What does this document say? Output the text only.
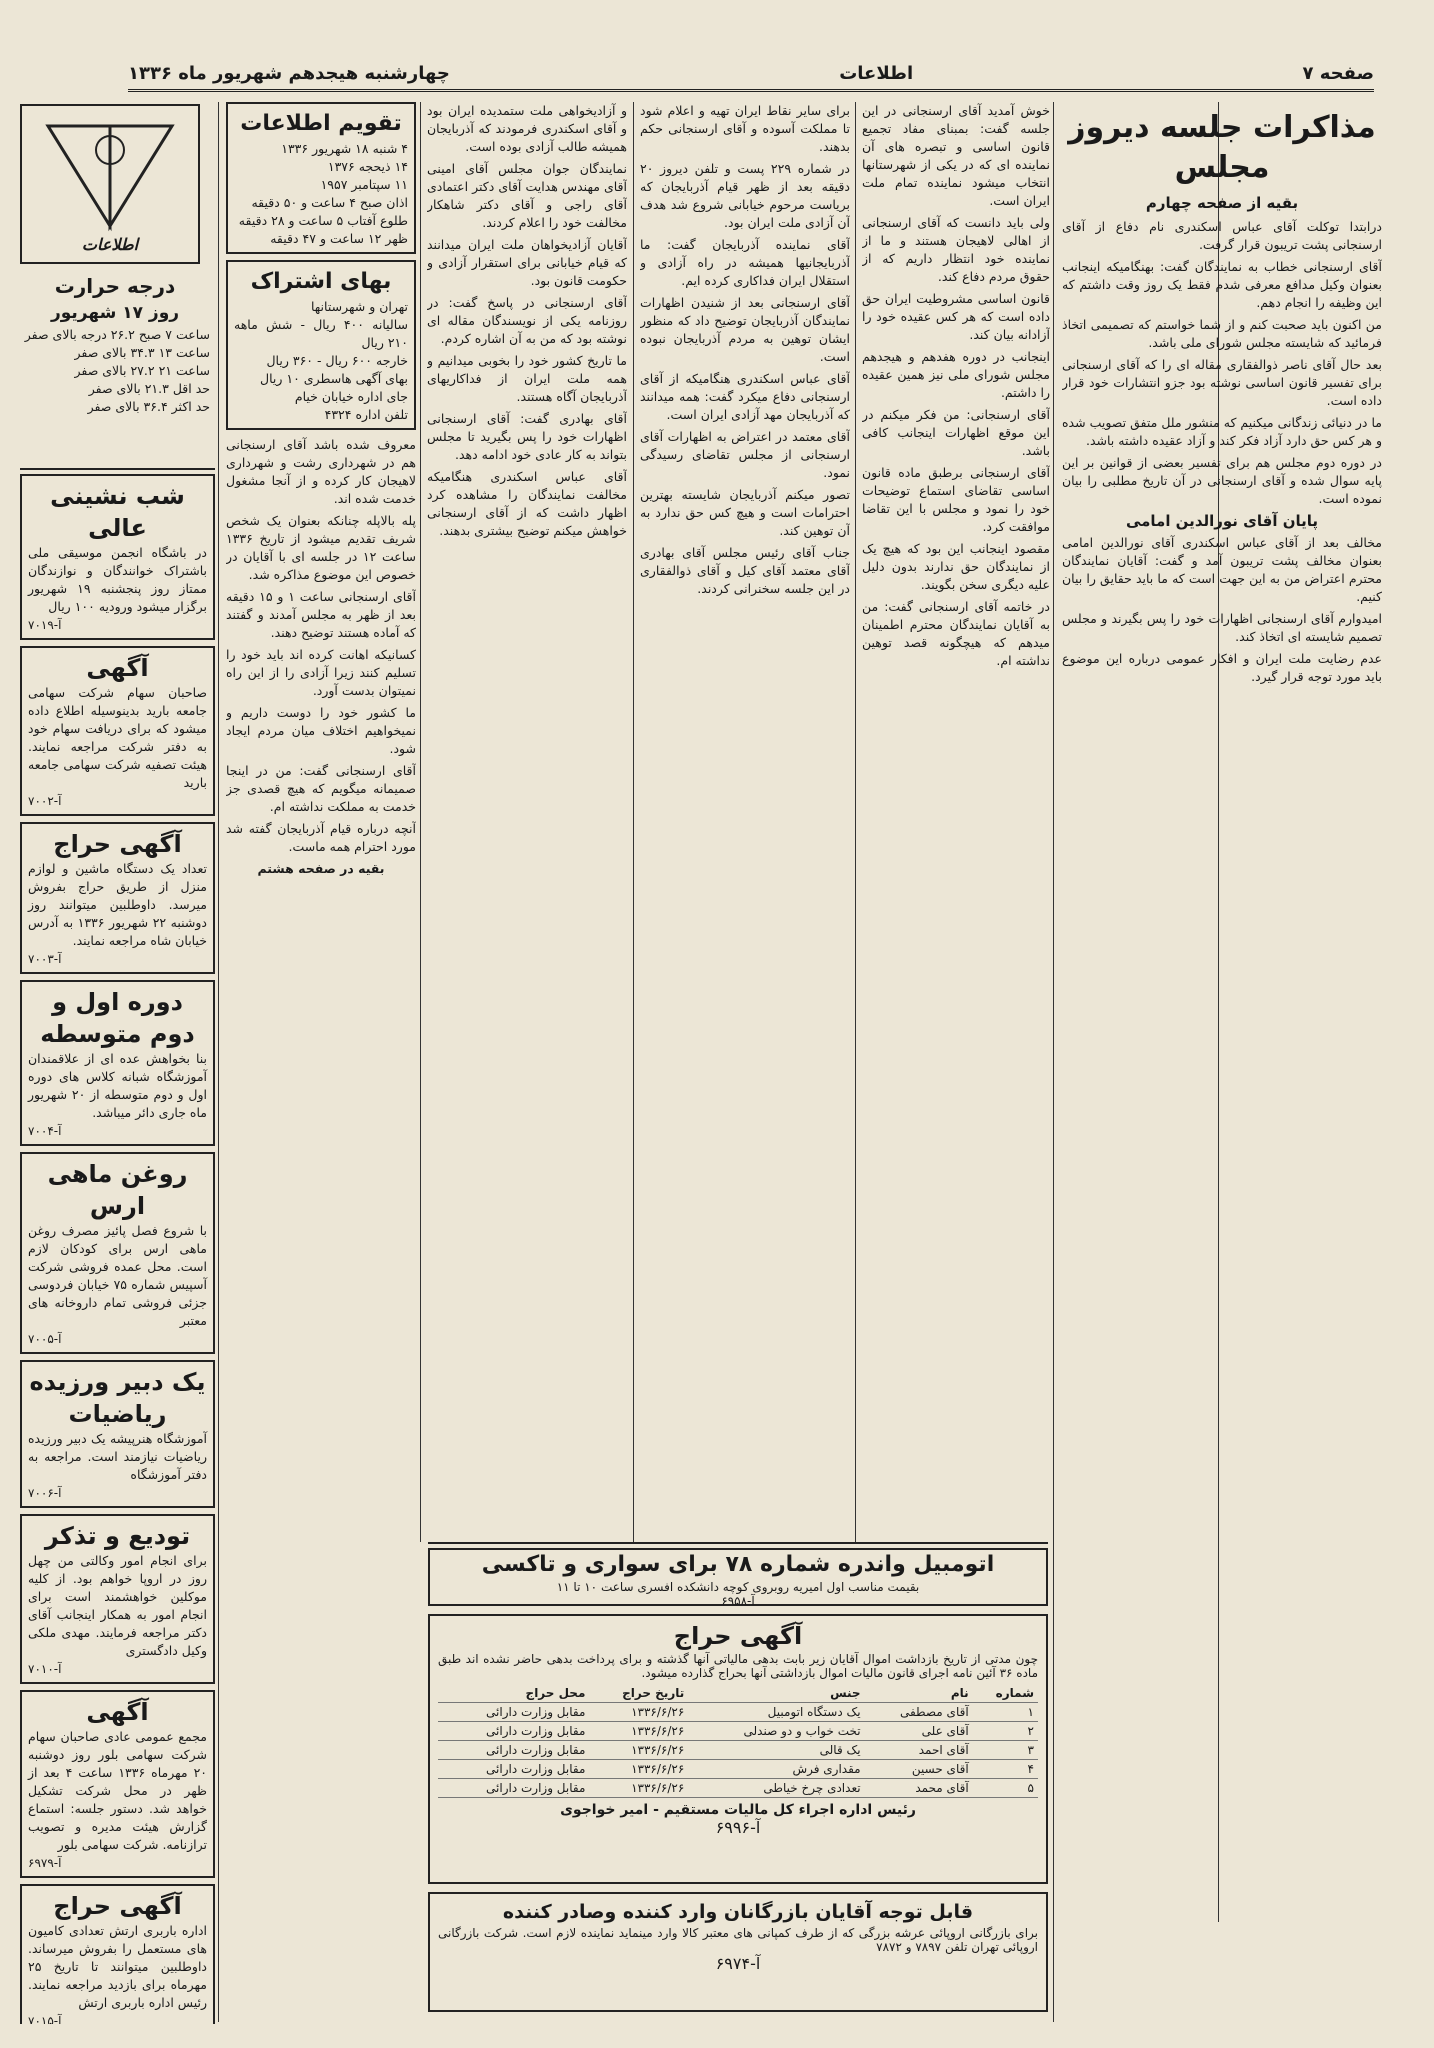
صفحه ۷
اطلاعات
چهارشنبه هیجدهم شهریور ماه ۱۳۳۶
مذاکرات جلسه دیروز مجلس
بقیه از صفحه چهارم

درابتدا توکلت آقای عباس اسکندری نام دفاع از آقای ارسنجانی پشت تریبون قرار گرفت.

آقای ارسنجانی خطاب به نمایندگان گفت: بهنگامیکه اینجانب بعنوان وکیل مدافع معرفی شدم فقط یک روز وقت داشتم که این وظیفه را انجام دهم.

من اکنون باید صحبت کنم و از شما خواستم که تصمیمی اتخاذ فرمائید که شایسته مجلس شورای ملی باشد.

بعد حال آقای ناصر ذوالفقاری مقاله ای را که آقای ارسنجانی برای تفسیر قانون اساسی نوشته بود جزو انتشارات خود قرار داده است.

ما در دنیائی زندگانی میکنیم که منشور ملل متفق تصویب شده و هر کس حق دارد آزاد فکر کند و آزاد عقیده داشته باشد.

در دوره دوم مجلس هم برای تفسیر بعضی از قوانین بر این پایه سوال شده و آقای ارسنجانی در آن تاریخ مطلبی را بیان نموده است.

پایان آقای نورالدین امامی

مخالف بعد از آقای عباس اسکندری آقای نورالدین امامی بعنوان مخالف پشت تریبون آمد و گفت: آقایان نمایندگان محترم اعتراض من به این جهت است که ما باید حقایق را بیان کنیم.

امیدوارم آقای ارسنجانی اظهارات خود را پس بگیرند و مجلس تصمیم شایسته ای اتخاذ کند.

عدم رضایت ملت ایران و افکار عمومی درباره این موضوع باید مورد توجه قرار گیرد.

خوش آمدید آقای ارسنجانی در این جلسه گفت: بمبنای مفاد تجمیع قانون اساسی و تبصره های آن نماینده ای که در یکی از شهرستانها انتخاب میشود نماینده تمام ملت ایران است.

ولی باید دانست که آقای ارسنجانی از اهالی لاهیجان هستند و ما از نماینده خود انتظار داریم که از حقوق مردم دفاع کند.

قانون اساسی مشروطیت ایران حق داده است که هر کس عقیده خود را آزادانه بیان کند.

اینجانب در دوره هفدهم و هیجدهم مجلس شورای ملی نیز همین عقیده را داشتم.

آقای ارسنجانی: من فکر میکنم در این موقع اظهارات اینجانب کافی باشد.

آقای ارسنجانی برطبق ماده قانون اساسی تقاضای استماع توضیحات خود را نمود و مجلس با این تقاضا موافقت کرد.

مقصود اینجانب این بود که هیچ یک از نمایندگان حق ندارند بدون دلیل علیه دیگری سخن بگویند.

در خاتمه آقای ارسنجانی گفت: من به آقایان نمایندگان محترم اطمینان میدهم که هیچگونه قصد توهین نداشته ام.

برای سایر نقاط ایران تهیه و اعلام شود تا مملکت آسوده و آقای ارسنجانی حکم بدهند.

در شماره ۲۲۹ پست و تلفن دیروز ۲۰ دقیقه بعد از ظهر قیام آذربایجان که بریاست مرحوم خیابانی شروع شد هدف آن آزادی ملت ایران بود.

آقای نماینده آذربایجان گفت: ما آذربایجانیها همیشه در راه آزادی و استقلال ایران فداکاری کرده ایم.

آقای ارسنجانی بعد از شنیدن اظهارات نمایندگان آذربایجان توضیح داد که منظور ایشان توهین به مردم آذربایجان نبوده است.

آقای عباس اسکندری هنگامیکه از آقای ارسنجانی دفاع میکرد گفت: همه میدانند که آذربایجان مهد آزادی ایران است.

آقای معتمد در اعتراض به اظهارات آقای ارسنجانی از مجلس تقاضای رسیدگی نمود.

تصور میکنم آذربایجان شایسته بهترین احترامات است و هیچ کس حق ندارد به آن توهین کند.

جناب آقای رئیس مجلس آقای بهادری آقای معتمد آقای کیل و آقای ذوالفقاری در این جلسه سخنرانی کردند.

و آزادیخواهی ملت ستمدیده ایران بود و آقای اسکندری فرمودند که آذربایجان همیشه طالب آزادی بوده است.

نمایندگان جوان مجلس آقای امینی آقای مهندس هدایت آقای دکتر اعتمادی آقای راجی و آقای دکتر شاهکار مخالفت خود را اعلام کردند.

آقایان آزادیخواهان ملت ایران میدانند که قیام خیابانی برای استقرار آزادی و حکومت قانون بود.

آقای ارسنجانی در پاسخ گفت: در روزنامه یکی از نویسندگان مقاله ای نوشته بود که من به آن اشاره کردم.

ما تاریخ کشور خود را بخوبی میدانیم و همه ملت ایران از فداکاریهای آذربایجان آگاه هستند.

آقای بهادری گفت: آقای ارسنجانی اظهارات خود را پس بگیرید تا مجلس بتواند به کار عادی خود ادامه دهد.

آقای عباس اسکندری هنگامیکه مخالفت نمایندگان را مشاهده کرد اظهار داشت که از آقای ارسنجانی خواهش میکنم توضیح بیشتری بدهند.

تقویم اطلاعات
۴ شنبه ۱۸ شهریور ۱۳۳۶
۱۴ ذیحجه ۱۳۷۶
۱۱ سپتامبر ۱۹۵۷
اذان صبح ۴ ساعت و ۵۰ دقیقه
طلوع آفتاب ۵ ساعت و ۲۸ دقیقه
ظهر ۱۲ ساعت و ۴۷ دقیقه
بهای اشتراک
تهران و شهرستانها
سالیانه ۴۰۰ ریال - شش ماهه ۲۱۰ ریال
خارجه ۶۰۰ ریال - ۳۶۰ ریال
بهای آگهی هاسطری ۱۰ ریال
جای اداره خیابان خیام
تلفن اداره ۴۳۲۴

معروف شده باشد آقای ارسنجانی هم در شهرداری رشت و شهرداری لاهیجان کار کرده و از آنجا مشغول خدمت شده اند.

پله بالاپله چنانکه بعنوان یک شخص شریف تقدیم میشود از تاریخ ۱۳۳۶ ساعت ۱۲ در جلسه ای با آقایان در خصوص این موضوع مذاکره شد.

آقای ارسنجانی ساعت ۱ و ۱۵ دقیقه بعد از ظهر به مجلس آمدند و گفتند که آماده هستند توضیح دهند.

کسانیکه اهانت کرده اند باید خود را تسلیم کنند زیرا آزادی را از این راه نمیتوان بدست آورد.

ما کشور خود را دوست داریم و نمیخواهیم اختلاف میان مردم ایجاد شود.

آقای ارسنجانی گفت: من در اینجا صمیمانه میگویم که هیچ قصدی جز خدمت به مملکت نداشته ام.

آنچه درباره قیام آذربایجان گفته شد مورد احترام همه ماست.

بقیه در صفحه هشتم

اطلاعات
درجه حرارت
روز ۱۷ شهریور
ساعت ۷ صبح ۲۶.۲ درجه بالای صفر
ساعت ۱۳ ۳۴.۳ بالای صفر
ساعت ۲۱ ۲۷.۲ بالای صفر
حد اقل ۲۱.۳ بالای صفر
حد اکثر ۳۶.۴ بالای صفر
شب نشینی عالی
در باشگاه انجمن موسیقی ملی باشتراک خوانندگان و نوازندگان ممتاز روز پنجشنبه ۱۹ شهریور برگزار میشود ورودیه ۱۰۰ ریال
آ-۷۰۱۹
آگهی
صاحبان سهام شرکت سهامی جامعه بارید بدینوسیله اطلاع داده میشود که برای دریافت سهام خود به دفتر شرکت مراجعه نمایند. هیئت تصفیه شرکت سهامی جامعه بارید
آ-۷۰۰۲
آگهی حراج
تعداد یک دستگاه ماشین و لوازم منزل از طریق حراج بفروش میرسد. داوطلبین میتوانند روز دوشنبه ۲۲ شهریور ۱۳۳۶ به آدرس خیابان شاه مراجعه نمایند.
آ-۷۰۰۳
دوره اول و دوم متوسطه
بنا بخواهش عده ای از علاقمندان آموزشگاه شبانه کلاس های دوره اول و دوم متوسطه از ۲۰ شهریور ماه جاری دائر میباشد.
آ-۷۰۰۴
روغن ماهی ارس
با شروع فصل پائیز مصرف روغن ماهی ارس برای کودکان لازم است. محل عمده فروشی شرکت آسپیس شماره ۷۵ خیابان فردوسی جزئی فروشی تمام داروخانه های معتبر
آ-۷۰۰۵
یک دبیر ورزیده ریاضیات
آموزشگاه هنرپیشه یک دبیر ورزیده ریاضیات نیازمند است. مراجعه به دفتر آموزشگاه
آ-۷۰۰۶
تودیع و تذکر
برای انجام امور وکالتی من چهل روز در اروپا خواهم بود. از کلیه موکلین خواهشمند است برای انجام امور به همکار اینجانب آقای دکتر مراجعه فرمایند. مهدی ملکی وکیل دادگستری
آ-۷۰۱۰
آگهی
مجمع عمومی عادی صاحبان سهام شرکت سهامی بلور روز دوشنبه ۲۰ مهرماه ۱۳۳۶ ساعت ۴ بعد از ظهر در محل شرکت تشکیل خواهد شد. دستور جلسه: استماع گزارش هیئت مدیره و تصویب ترازنامه. شرکت سهامی بلور
آ-۶۹۷۹
آگهی حراج
اداره باربری ارتش تعدادی کامیون های مستعمل را بفروش میرساند. داوطلبین میتوانند تا تاریخ ۲۵ مهرماه برای بازدید مراجعه نمایند. رئیس اداره باربری ارتش
آ-۷۰۱۵
اتومبیل واندره شماره ۷۸ برای سواری و تاکسی
بقیمت مناسب اول امیریه روبروی کوچه دانشکده افسری ساعت ۱۰ تا ۱۱
آ-۶۹۵۸
آگهی حراج
چون مدتی از تاریخ بازداشت اموال آقایان زیر بابت بدهی مالیاتی آنها گذشته و برای پرداخت بدهی حاضر نشده اند طبق ماده ۳۶ آئین نامه اجرای قانون مالیات اموال بازداشتی آنها بحراج گذارده میشود.
شماره	نام	جنس	تاریخ حراج	محل حراج
۱	آقای مصطفی	یک دستگاه اتومبیل	۱۳۳۶/۶/۲۶	مقابل وزارت دارائی
۲	آقای علی	تخت خواب و دو صندلی	۱۳۳۶/۶/۲۶	مقابل وزارت دارائی
۳	آقای احمد	یک قالی	۱۳۳۶/۶/۲۶	مقابل وزارت دارائی
۴	آقای حسین	مقداری فرش	۱۳۳۶/۶/۲۶	مقابل وزارت دارائی
۵	آقای محمد	تعدادی چرخ خیاطی	۱۳۳۶/۶/۲۶	مقابل وزارت دارائی
رئیس اداره اجراء کل مالیات مستقیم - امیر خواجوی
آ-۶۹۹۶
قابل توجه آقایان بازرگانان وارد کننده وصادر کننده
برای بازرگانی اروپائی عرشه بزرگی که از طرف کمپانی های معتبر کالا وارد مینماید نماینده لازم است. شرکت بازرگانی اروپائی تهران تلفن ۷۸۹۷ و ۷۸۷۲
آ-۶۹۷۴
